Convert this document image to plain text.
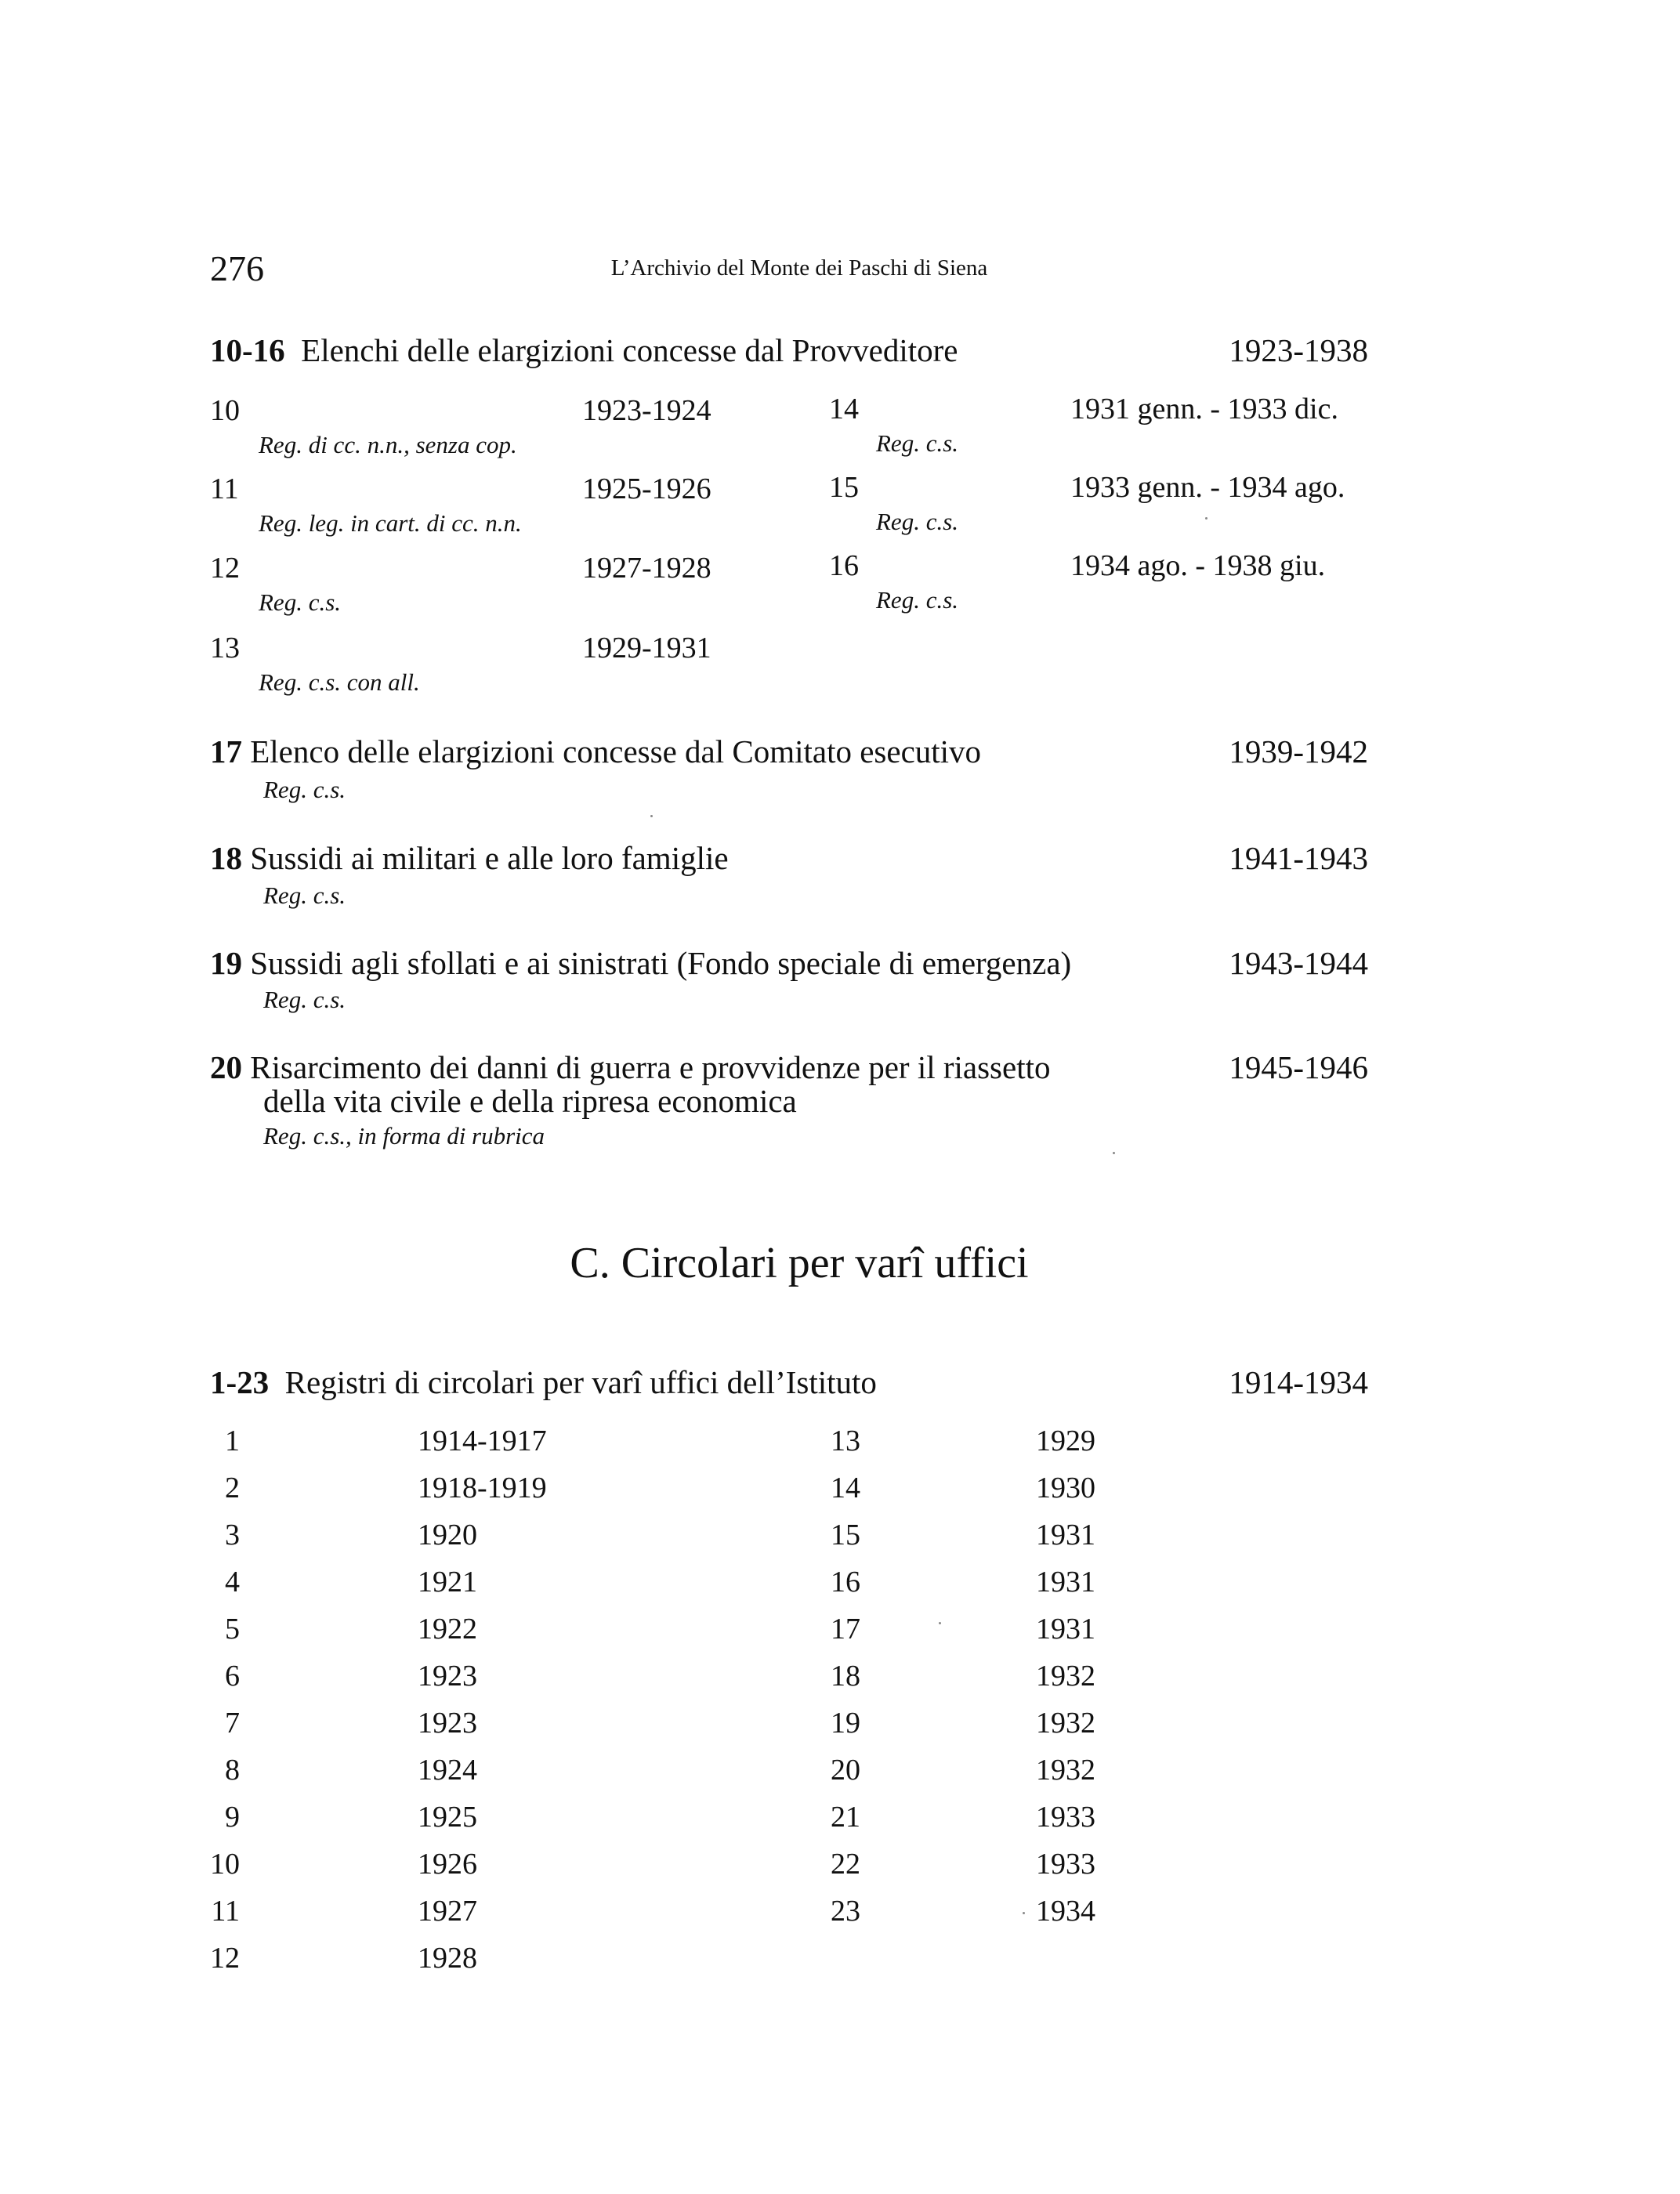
276	L’Archivio del Monte dei Paschi di Siena
10-16 Elenchi delle elargizioni concesse dal Provveditore	1923-1938
10	1923-1924
Reg. di cc. n.n., senza cop.
11	1925-1926
Reg. leg. in cart. di cc. n.n.
12	1927-1928
Reg. c.s.
13	1929-1931
Reg. c.s. con all.
14	1931 genn. - 1933 dic.
Reg. c.s.
15	1933 genn. - 1934 ago.
Reg. c.s.
16	1934 ago. - 1938 giu.
Reg. c.s.
17 Elenco delle elargizioni concesse dal Comitato esecutivo	1939-1942
Reg. c.s.
18 Sussidi ai militari e alle loro famiglie	1941-1943
Reg. c.s.
19 Sussidi agli sfollati e ai sinistrati (Fondo speciale di emergenza)	1943-1944
Reg. c.s.
20 Risarcimento dei danni di guerra e provvidenze per il riassetto	1945-1946
della vita civile e della ripresa economica
Reg. c.s., in forma di rubrica
C. Circolari per varî uffici
1-23 Registri di circolari per varî uffici dell’Istituto	1914-1934
1	1914-1917
2	1918-1919
3	1920
4	1921
5	1922
6	1923
7	1923
8	1924
9	1925
10	1926
11	1927
12	1928
13	1929
14	1930
15	1931
16	1931
17	1931
18	1932
19	1932
20	1932
21	1933
22	1933
23	1934
